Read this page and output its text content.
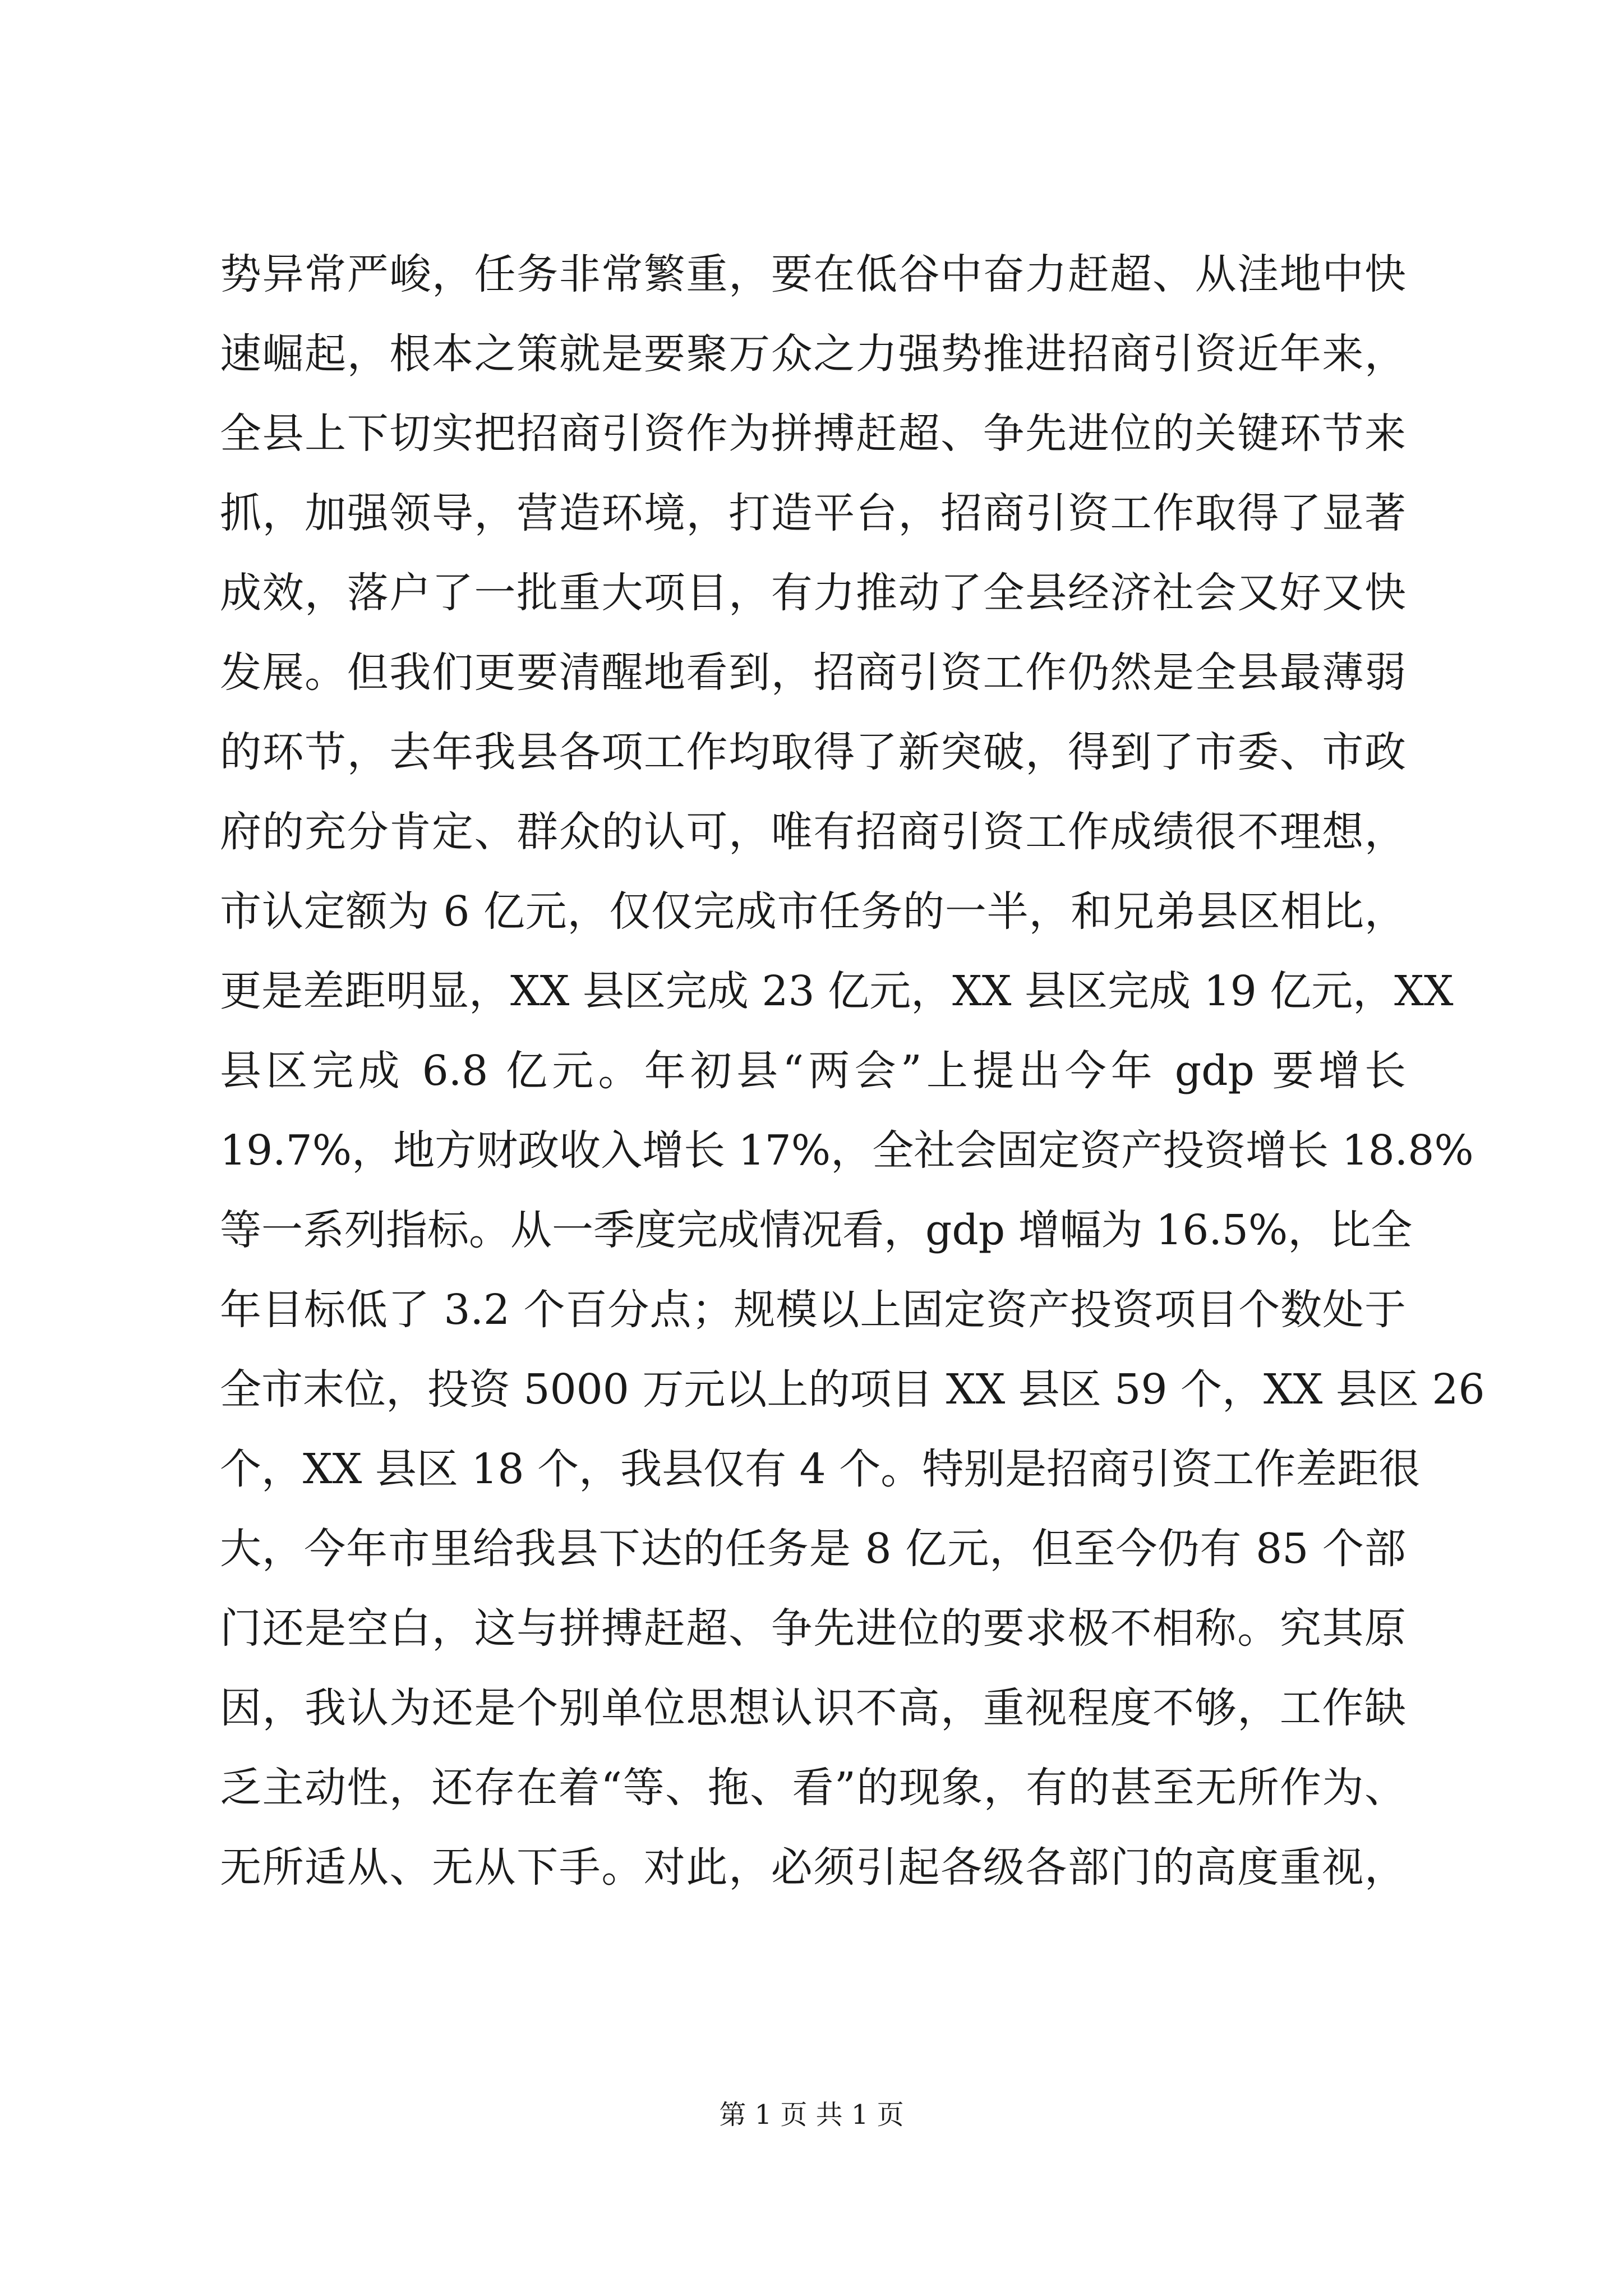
势异常严峻，任务非常繁重，要在低谷中奋力赶超、从洼地中快
速崛起，根本之策就是要聚万众之力强势推进招商引资近年来，
全县上下切实把招商引资作为拼搏赶超、争先进位的关键环节来
抓，加强领导，营造环境，打造平台，招商引资工作取得了显著
成效，落户了一批重大项目，有力推动了全县经济社会又好又快
发展。但我们更要清醒地看到，招商引资工作仍然是全县最薄弱
的环节，去年我县各项工作均取得了新突破，得到了市委、市政
府的充分肯定、群众的认可，唯有招商引资工作成绩很不理想，
市认定额为 6 亿元，仅仅完成市任务的一半，和兄弟县区相比，
更是差距明显，XX 县区完成 23 亿元，XX 县区完成 19 亿元，XX
县区完成 6.8 亿元。年初县“两会”上提出今年 gdp 要增长
19.7%，地方财政收入增长 17%，全社会固定资产投资增长 18.8%
等一系列指标。从一季度完成情况看，gdp 增幅为 16.5%，比全
年目标低了 3.2 个百分点；规模以上固定资产投资项目个数处于
全市末位，投资 5000 万元以上的项目 XX 县区 59 个，XX 县区 26
个，XX 县区 18 个，我县仅有 4 个。特别是招商引资工作差距很
大，今年市里给我县下达的任务是 8 亿元，但至今仍有 85 个部
门还是空白，这与拼搏赶超、争先进位的要求极不相称。究其原
因，我认为还是个别单位思想认识不高，重视程度不够，工作缺
乏主动性，还存在着“等、拖、看”的现象，有的甚至无所作为、
无所适从、无从下手。对此，必须引起各级各部门的高度重视，
第 1 页 共 1 页
